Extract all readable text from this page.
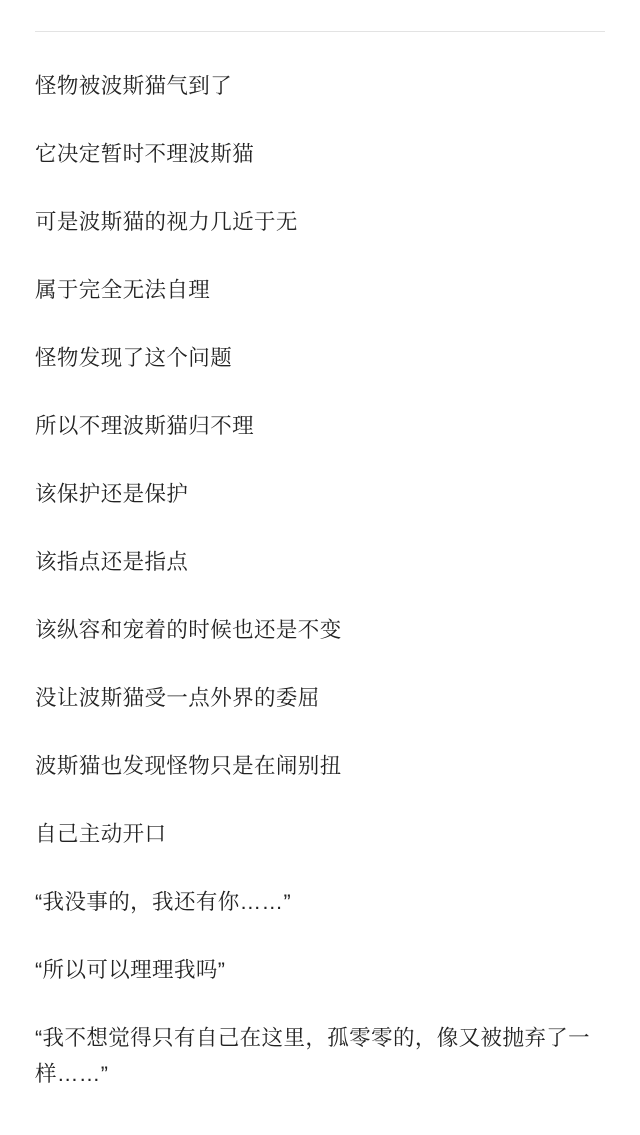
怪物被波斯猫气到了

它决定暂时不理波斯猫

可是波斯猫的视力几近于无

属于完全无法自理

怪物发现了这个问题

所以不理波斯猫归不理

该保护还是保护

该指点还是指点

该纵容和宠着的时候也还是不变

没让波斯猫受一点外界的委屈

波斯猫也发现怪物只是在闹别扭

自己主动开口

“我没事的，我还有你……”

“所以可以理理我吗”

“我不想觉得只有自己在这里，孤零零的，像又被抛弃了一样……”
